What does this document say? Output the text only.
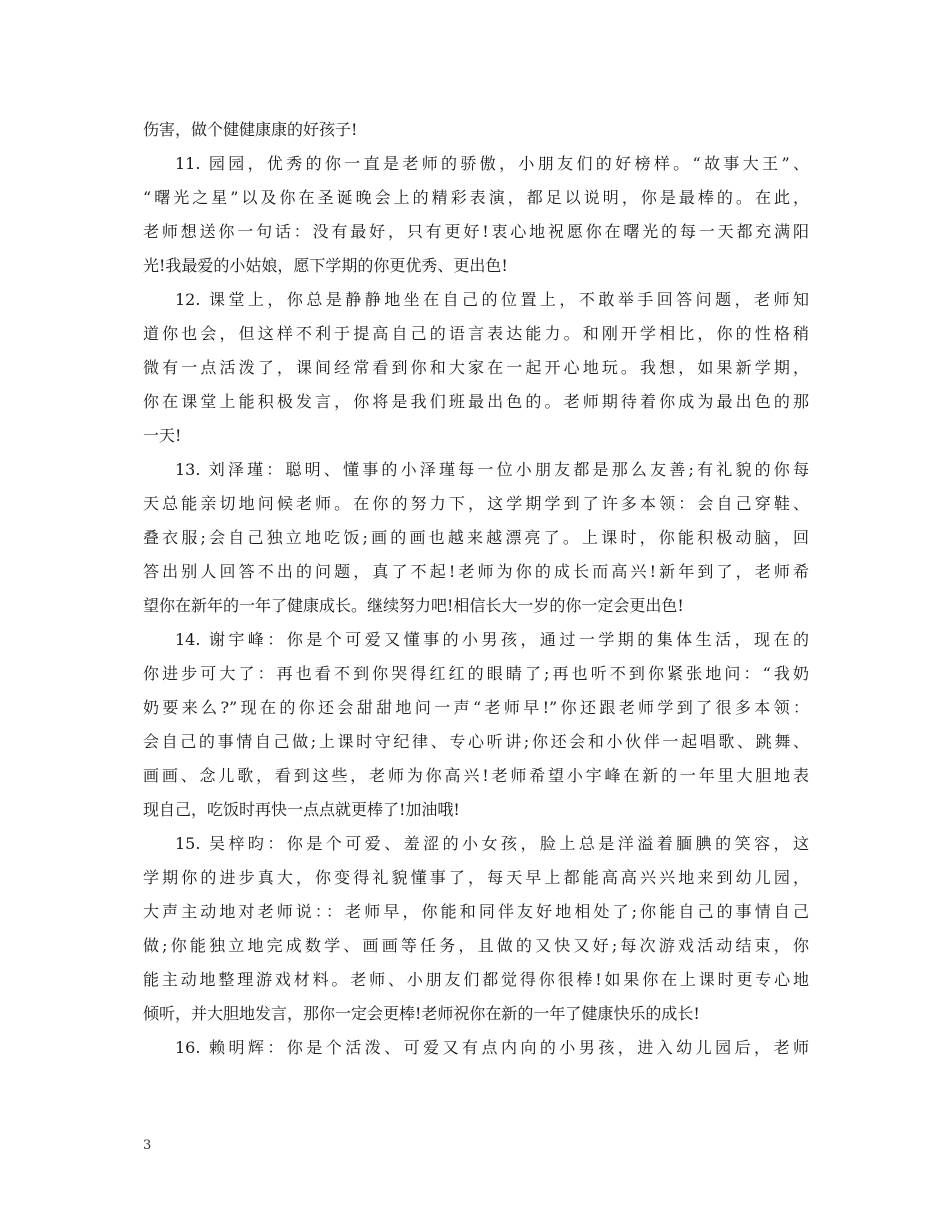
伤害，做个健健康康的好孩子!
11. 园园，优秀的你一直是老师的骄傲，小朋友们的好榜样。“故事大王”、
“曙光之星”以及你在圣诞晚会上的精彩表演，都足以说明，你是最棒的。在此，
老师想送你一句话：没有最好，只有更好!衷心地祝愿你在曙光的每一天都充满阳
光!我最爱的小姑娘，愿下学期的你更优秀、更出色!
12. 课堂上，你总是静静地坐在自己的位置上，不敢举手回答问题，老师知
道你也会，但这样不利于提高自己的语言表达能力。和刚开学相比，你的性格稍
微有一点活泼了，课间经常看到你和大家在一起开心地玩。我想，如果新学期，
你在课堂上能积极发言，你将是我们班最出色的。老师期待着你成为最出色的那
一天!
13. 刘泽瑾：聪明、懂事的小泽瑾每一位小朋友都是那么友善;有礼貌的你每
天总能亲切地问候老师。在你的努力下，这学期学到了许多本领：会自己穿鞋、
叠衣服;会自己独立地吃饭;画的画也越来越漂亮了。上课时，你能积极动脑，回
答出别人回答不出的问题，真了不起!老师为你的成长而高兴!新年到了，老师希
望你在新年的一年了健康成长。继续努力吧!相信长大一岁的你一定会更出色!
14. 谢宇峰：你是个可爱又懂事的小男孩，通过一学期的集体生活，现在的
你进步可大了：再也看不到你哭得红红的眼睛了;再也听不到你紧张地问：“我奶
奶要来么?”现在的你还会甜甜地问一声“老师早!”你还跟老师学到了很多本领：
会自己的事情自己做;上课时守纪律、专心听讲;你还会和小伙伴一起唱歌、跳舞、
画画、念儿歌，看到这些，老师为你高兴!老师希望小宇峰在新的一年里大胆地表
现自己，吃饭时再快一点点就更棒了!加油哦!
15. 吴梓昀：你是个可爱、羞涩的小女孩，脸上总是洋溢着腼腆的笑容，这
学期你的进步真大，你变得礼貌懂事了，每天早上都能高高兴兴地来到幼儿园，
大声主动地对老师说：：老师早，你能和同伴友好地相处了;你能自己的事情自己
做;你能独立地完成数学、画画等任务，且做的又快又好;每次游戏活动结束，你
能主动地整理游戏材料。老师、小朋友们都觉得你很棒!如果你在上课时更专心地
倾听，并大胆地发言，那你一定会更棒!老师祝你在新的一年了健康快乐的成长!
16. 赖明辉：你是个活泼、可爱又有点内向的小男孩，进入幼儿园后，老师
3
